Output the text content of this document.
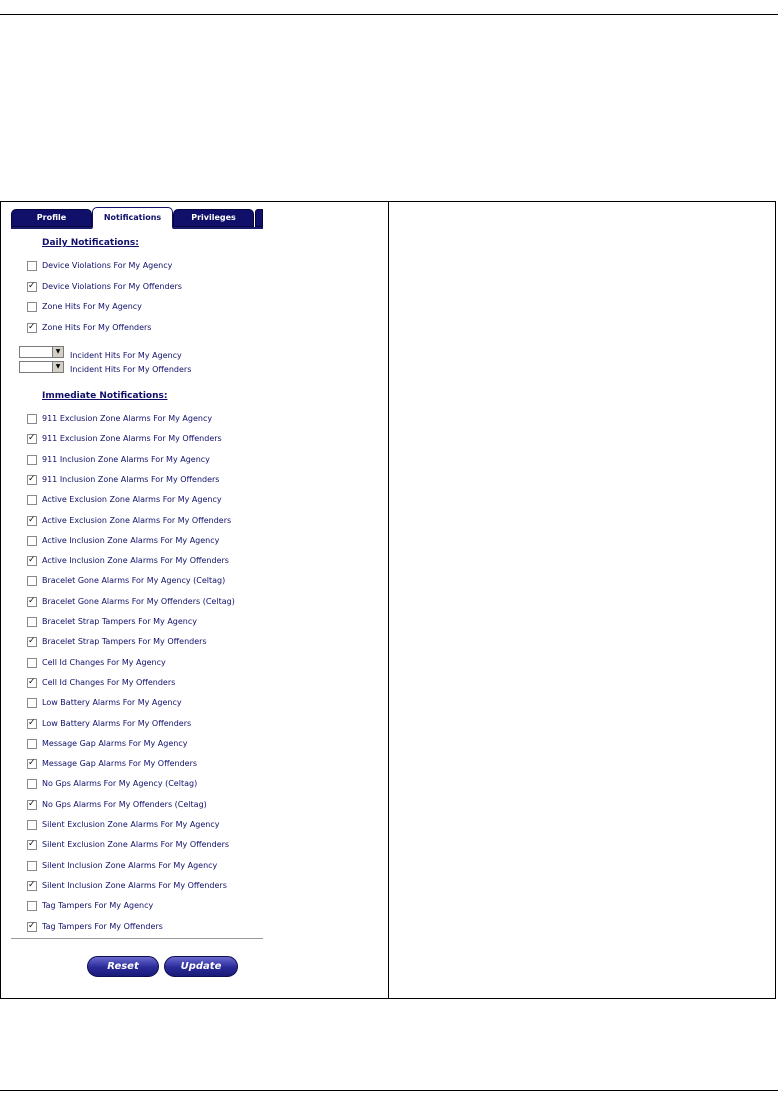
Profile	Privileges
Notifications
Daily Notifications:
Device Violations For My Agency
✓ Device Violations For My Offenders
Zone Hits For My Agency
✓ Zone Hits For My Offenders
▼	Incident Hits For My Agency
▼	Incident Hits For My Offenders
Immediate Notifications:
911 Exclusion Zone Alarms For My Agency
✓ 911 Exclusion Zone Alarms For My Offenders
911 Inclusion Zone Alarms For My Agency
✓ 911 Inclusion Zone Alarms For My Offenders
Active Exclusion Zone Alarms For My Agency
✓ Active Exclusion Zone Alarms For My Offenders
Active Inclusion Zone Alarms For My Agency
✓ Active Inclusion Zone Alarms For My Offenders
Bracelet Gone Alarms For My Agency (Celtag)
✓ Bracelet Gone Alarms For My Offenders (Celtag)
Bracelet Strap Tampers For My Agency
✓ Bracelet Strap Tampers For My Offenders
Cell Id Changes For My Agency
✓ Cell Id Changes For My Offenders
Low Battery Alarms For My Agency
✓ Low Battery Alarms For My Offenders
Message Gap Alarms For My Agency
✓ Message Gap Alarms For My Offenders
No Gps Alarms For My Agency (Celtag)
✓ No Gps Alarms For My Offenders (Celtag)
Silent Exclusion Zone Alarms For My Agency
✓ Silent Exclusion Zone Alarms For My Offenders
Silent Inclusion Zone Alarms For My Agency
✓ Silent Inclusion Zone Alarms For My Offenders
Tag Tampers For My Agency
✓ Tag Tampers For My Offenders
Reset	Update
